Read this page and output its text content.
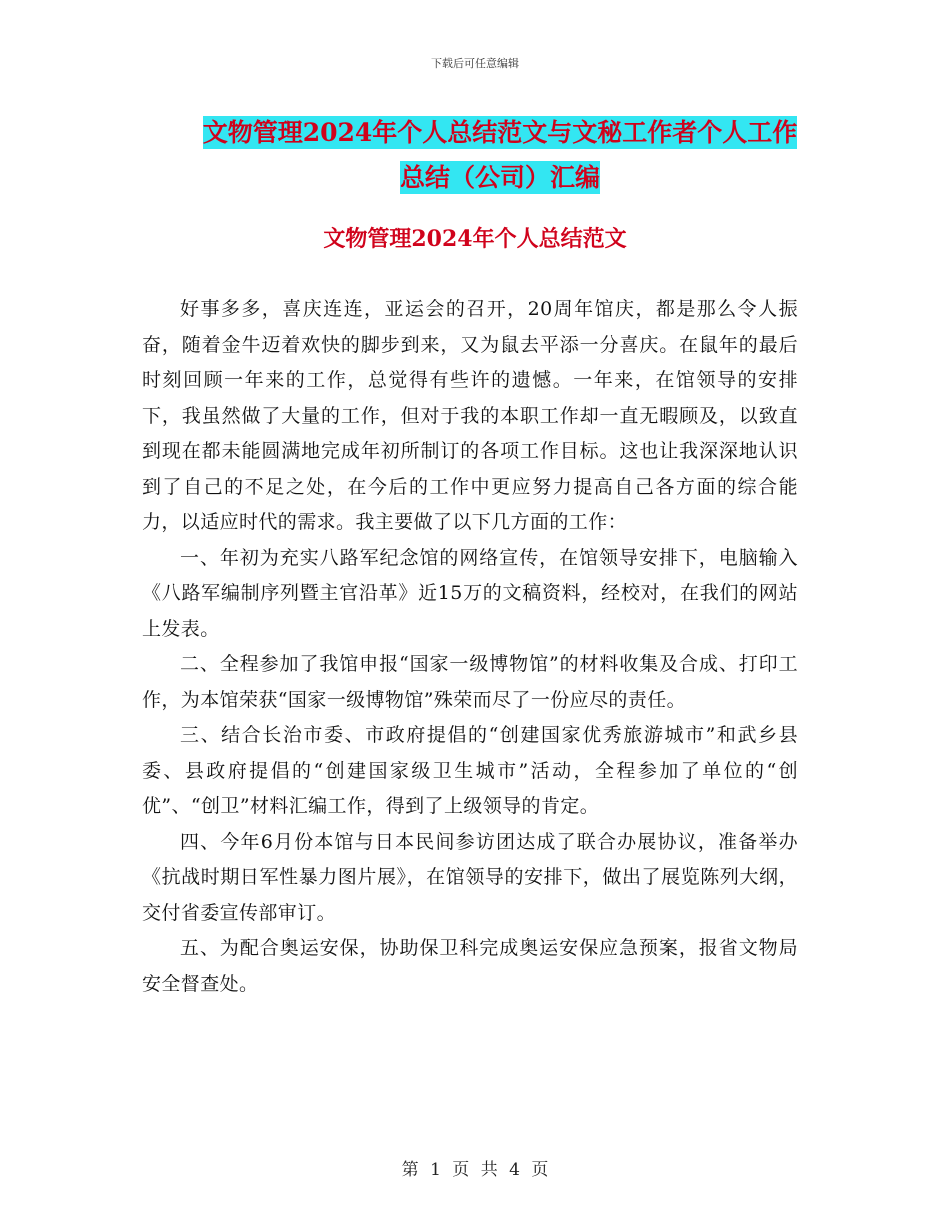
下载后可任意编辑
文物管理2024年个人总结范文与文秘工作者个人工作
总结（公司）汇编
文物管理2024年个人总结范文

好事多多，喜庆连连，亚运会的召开，20周年馆庆，都是那么令人振奋，随着金牛迈着欢快的脚步到来，又为鼠去平添一分喜庆。在鼠年的最后时刻回顾一年来的工作，总觉得有些许的遗憾。一年来，在馆领导的安排下，我虽然做了大量的工作，但对于我的本职工作却一直无暇顾及，以致直到现在都未能圆满地完成年初所制订的各项工作目标。这也让我深深地认识到了自己的不足之处，在今后的工作中更应努力提高自己各方面的综合能力，以适应时代的需求。我主要做了以下几方面的工作：

一、年初为充实八路军纪念馆的网络宣传，在馆领导安排下，电脑输入《八路军编制序列暨主官沿革》近15万的文稿资料，经校对，在我们的网站上发表。

二、全程参加了我馆申报“国家一级博物馆”的材料收集及合成、打印工作，为本馆荣获“国家一级博物馆”殊荣而尽了一份应尽的责任。

三、结合长治市委、市政府提倡的“创建国家优秀旅游城市”和武乡县委、县政府提倡的“创建国家级卫生城市”活动，全程参加了单位的“创优”、“创卫”材料汇编工作，得到了上级领导的肯定。

四、今年6月份本馆与日本民间参访团达成了联合办展协议，准备举办《抗战时期日军性暴力图片展》，在馆领导的安排下，做出了展览陈列大纲，交付省委宣传部审订。

五、为配合奥运安保，协助保卫科完成奥运安保应急预案，报省文物局安全督查处。

第 1 页 共 4 页
